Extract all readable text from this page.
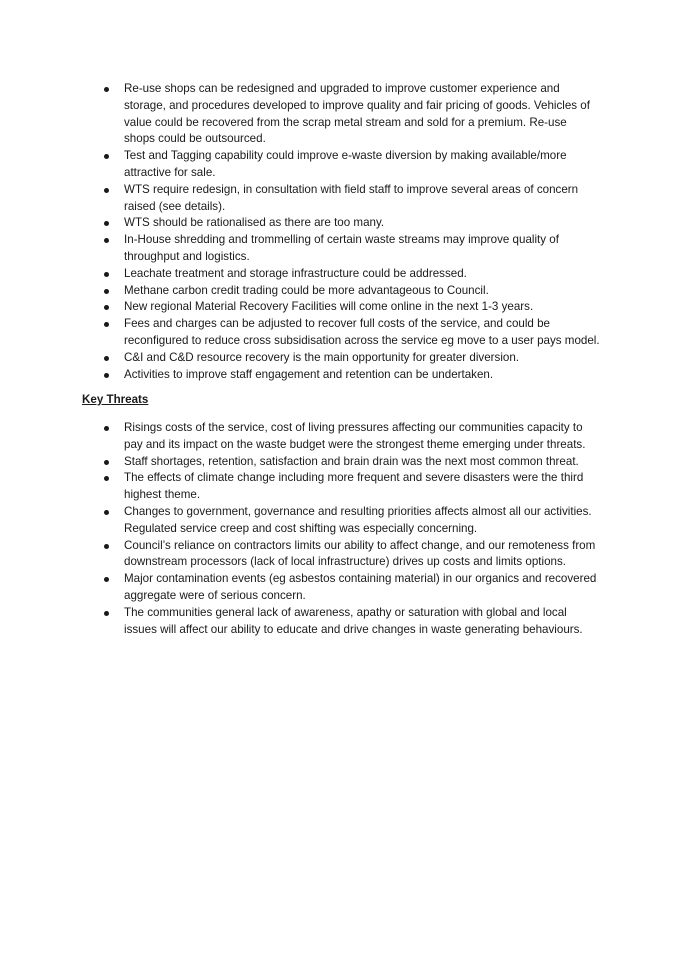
Re-use shops can be redesigned and upgraded to improve customer experience and storage, and procedures developed to improve quality and fair pricing of goods. Vehicles of value could be recovered from the scrap metal stream and sold for a premium. Re-use shops could be outsourced.
Test and Tagging capability could improve e-waste diversion by making available/more attractive for sale.
WTS require redesign, in consultation with field staff to improve several areas of concern raised (see details).
WTS should be rationalised as there are too many.
In-House shredding and trommelling of certain waste streams may improve quality of throughput and logistics.
Leachate treatment and storage infrastructure could be addressed.
Methane carbon credit trading could be more advantageous to Council.
New regional Material Recovery Facilities will come online in the next 1-3 years.
Fees and charges can be adjusted to recover full costs of the service, and could be reconfigured to reduce cross subsidisation across the service eg move to a user pays model.
C&I and C&D resource recovery is the main opportunity for greater diversion.
Activities to improve staff engagement and retention can be undertaken.
Key Threats
Risings costs of the service, cost of living pressures affecting our communities capacity to pay and its impact on the waste budget were the strongest theme emerging under threats.
Staff shortages, retention, satisfaction and brain drain was the next most common threat.
The effects of climate change including more frequent and severe disasters were the third highest theme.
Changes to government, governance and resulting priorities affects almost all our activities. Regulated service creep and cost shifting was especially concerning.
Council’s reliance on contractors limits our ability to affect change, and our remoteness from downstream processors (lack of local infrastructure) drives up costs and limits options.
Major contamination events (eg asbestos containing material) in our organics and recovered aggregate were of serious concern.
The communities general lack of awareness, apathy or saturation with global and local issues will affect our ability to educate and drive changes in waste generating behaviours.
